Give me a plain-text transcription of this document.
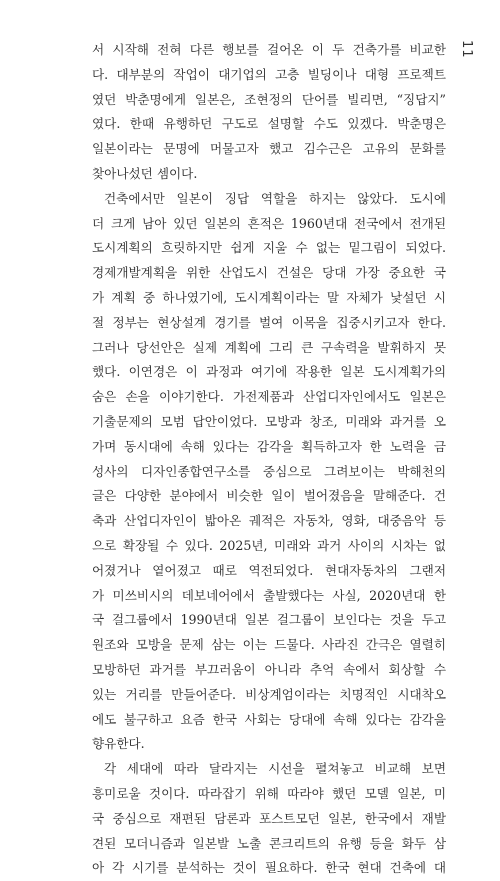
11
서 시작해 전혀 다른 행보를 걸어온 이 두 건축가를 비교한
다. 대부분의 작업이 대기업의 고층 빌딩이나 대형 프로젝트
였던 박춘명에게 일본은, 조현정의 단어를 빌리면, “징답지”
였다. 한때 유행하던 구도로 설명할 수도 있겠다. 박춘명은
일본이라는 문명에 머물고자 했고 김수근은 고유의 문화를
찾아나섰던 셈이다.
건축에서만 일본이 징답 역할을 하지는 않았다. 도시에
더 크게 남아 있던 일본의 흔적은 1960년대 전국에서 전개된
도시계획의 흐릿하지만 쉽게 지울 수 없는 밑그림이 되었다.
경제개발계획을 위한 산업도시 건설은 당대 가장 중요한 국
가 계획 중 하나였기에, 도시계획이라는 말 자체가 낯설던 시
절 정부는 현상설계 경기를 벌여 이목을 집중시키고자 한다.
그러나 당선안은 실제 계획에 그리 큰 구속력을 발휘하지 못
했다. 이연경은 이 과정과 여기에 작용한 일본 도시계획가의
숨은 손을 이야기한다. 가전제품과 산업디자인에서도 일본은
기출문제의 모범 답안이었다. 모방과 창조, 미래와 과거를 오
가며 동시대에 속해 있다는 감각을 획득하고자 한 노력을 금
성사의 디자인종합연구소를 중심으로 그려보이는 박해천의
글은 다양한 분야에서 비슷한 일이 벌어졌음을 말해준다. 건
축과 산업디자인이 밟아온 궤적은 자동차, 영화, 대중음악 등
으로 확장될 수 있다. 2025년, 미래와 과거 사이의 시차는 없
어졌거나 옅어졌고 때로 역전되었다. 현대자동차의 그랜저
가 미쓰비시의 데보네어에서 출발했다는 사실, 2020년대 한
국 걸그룹에서 1990년대 일본 걸그룹이 보인다는 것을 두고
원조와 모방을 문제 삼는 이는 드물다. 사라진 간극은 열렬히
모방하던 과거를 부끄러움이 아니라 추억 속에서 회상할 수
있는 거리를 만들어준다. 비상계엄이라는 치명적인 시대착오
에도 불구하고 요즘 한국 사회는 당대에 속해 있다는 감각을
향유한다.
각 세대에 따라 달라지는 시선을 펼쳐놓고 비교해 보면
흥미로울 것이다. 따라잡기 위해 따라야 했던 모델 일본, 미
국 중심으로 재편된 담론과 포스트모던 일본, 한국에서 재발
견된 모더니즘과 일본발 노출 콘크리트의 유행 등을 화두 삼
아 각 시기를 분석하는 것이 필요하다. 한국 현대 건축에 대
